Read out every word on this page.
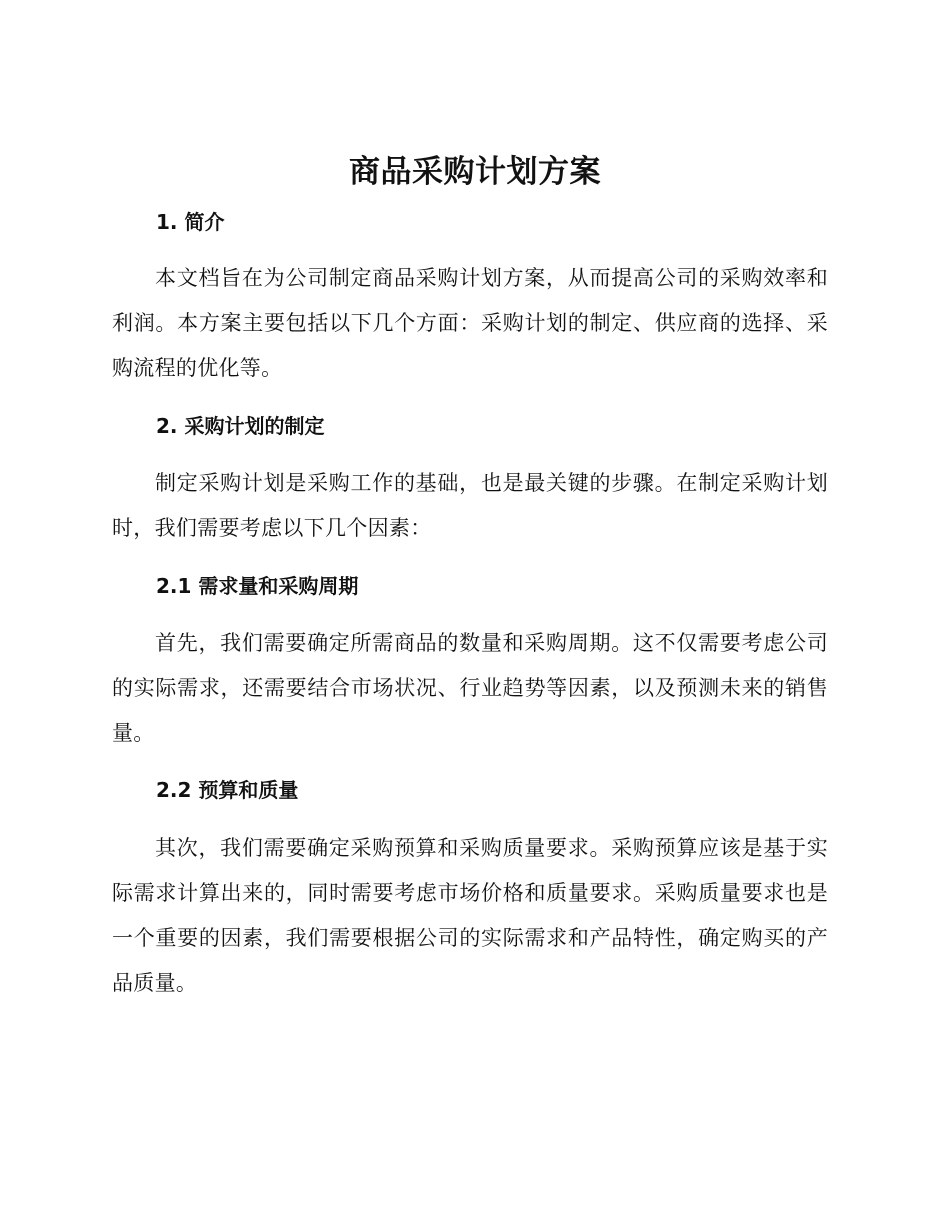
商品采购计划方案
1. 简介

本文档旨在为公司制定商品采购计划方案，从而提高公司的采购效率和利润。本方案主要包括以下几个方面：采购计划的制定、供应商的选择、采购流程的优化等。

2. 采购计划的制定

制定采购计划是采购工作的基础，也是最关键的步骤。在制定采购计划时，我们需要考虑以下几个因素：

2.1 需求量和采购周期

首先，我们需要确定所需商品的数量和采购周期。这不仅需要考虑公司的实际需求，还需要结合市场状况、行业趋势等因素，以及预测未来的销售量。

2.2 预算和质量

其次，我们需要确定采购预算和采购质量要求。采购预算应该是基于实际需求计算出来的，同时需要考虑市场价格和质量要求。采购质量要求也是一个重要的因素，我们需要根据公司的实际需求和产品特性，确定购买的产品质量。
